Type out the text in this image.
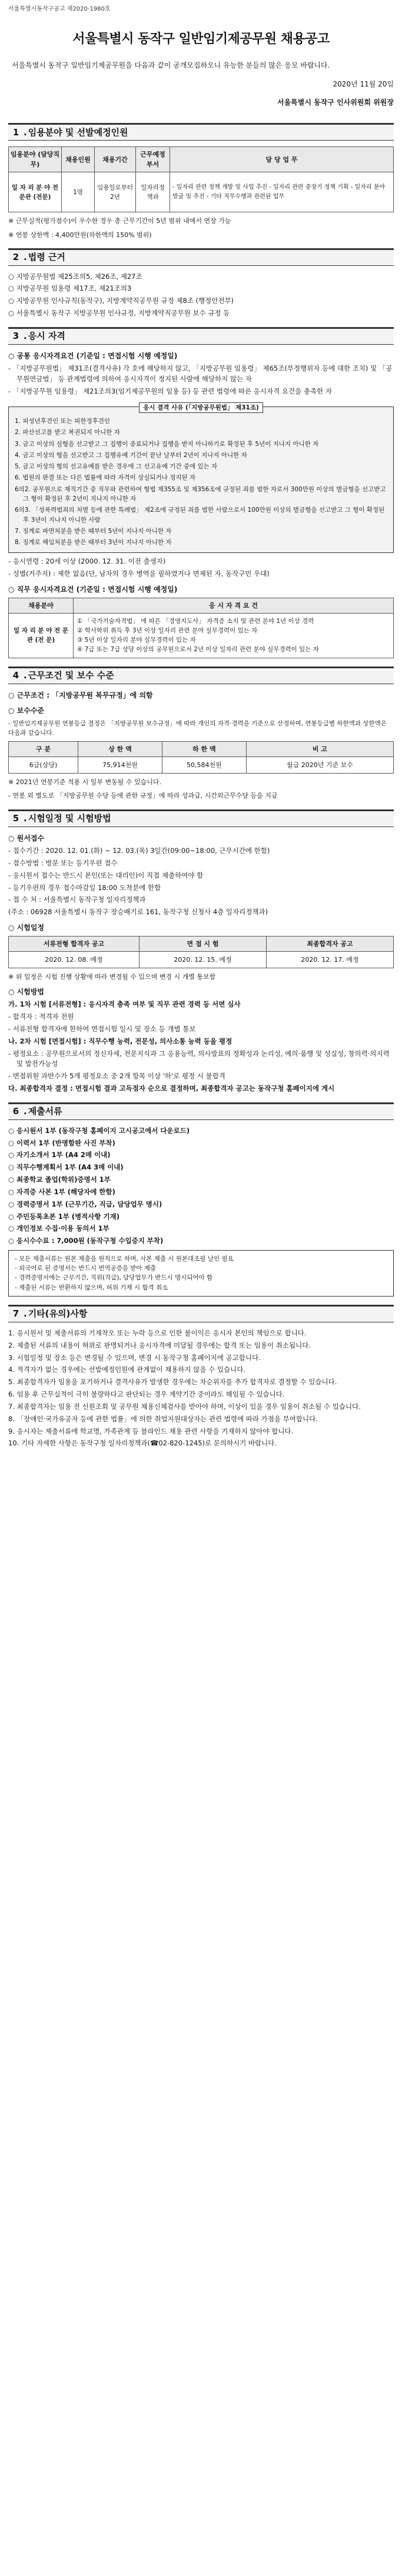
서울특별시동작구공고 제2020-1980호
서울특별시 동작구 일반임기제공무원 채용공고

서울특별시 동작구 일반임기제공무원을 다음과 같이 공개모집하오니 유능한 분들의 많은 응모 바랍니다.

2020년 11월 20일
서울특별시 동작구 인사위원회 위원장
1 . 임용분야 및 선발예정인원
임용분야 (담당직무)	채용인원	채용기간	근무예정 부서	담 당 업 무
일 자 리 분 야 전문관 (전문)	1명	임용일로부터 2년	일자리정책과	- 일자리 관련 정책 개발 및 사업 추진 - 일자리 관련 중장기 정책 기획 - 일자리 분야 발굴 및 추진 - 기타 직무수행과 관련된 업무
※ 근무실적(평가점수)이 우수한 경우 총 근무기간이 5년 범위 내에서 연장 가능
※ 연봉 상한액 : 4,400만원(하한액의 150% 범위)
2 . 법령 근거
○ 지방공무원법 제25조의5, 제26조, 제27조
○ 지방공무원 임용령 제17조, 제21조의3
○ 지방공무원 인사규칙(동작구), 지방계약직공무원 규정 제8조 (행정안전부)
○ 서울특별시 동작구 지방공무원 인사규정, 지방계약직공무원 보수 규정 등
3 . 응시 자격
○ 공통 응시자격요건 (기준일 : 면접시험 시행 예정일)
- 「지방공무원법」 제31조(결격사유) 각 호에 해당하지 않고, 「지방공무원 임용령」 제65조(부정행위자 등에 대한 조치) 및 「공무원연금법」 등 관계법령에 의하여 응시자격이 정지된 사람에 해당하지 않는 자
- 「지방공무원 임용령」 제21조의3(임기제공무원의 임용 등) 등 관련 법령에 따른 응시자격 요건을 충족한 자
응시 결격 사유 (「지방공무원법」 제31조)
1. 피성년후견인 또는 피한정후견인
2. 파산선고를 받고 복권되지 아니한 자
3. 금고 이상의 실형을 선고받고 그 집행이 종료되거나 집행을 받지 아니하기로 확정된 후 5년이 지나지 아니한 자
4. 금고 이상의 형을 선고받고 그 집행유예 기간이 끝난 날부터 2년이 지나지 아니한 자
5. 금고 이상의 형의 선고유예를 받은 경우에 그 선고유예 기간 중에 있는 자
6. 법원의 판결 또는 다른 법률에 따라 자격이 상실되거나 정지된 자
6의2. 공무원으로 재직기간 중 직무와 관련하여 형법 제355조 및 제356조에 규정된 죄를 범한 자로서 300만원 이상의 벌금형을 선고받고 그 형이 확정된 후 2년이 지나지 아니한 자
6의3. 「성폭력범죄의 처벌 등에 관한 특례법」 제2조에 규정된 죄를 범한 사람으로서 100만원 이상의 벌금형을 선고받고 그 형이 확정된 후 3년이 지나지 아니한 사람
7. 징계로 파면처분을 받은 때부터 5년이 지나지 아니한 자
8. 징계로 해임처분을 받은 때부터 3년이 지나지 아니한 자
- 응시연령 : 20세 이상 (2000. 12. 31. 이전 출생자)
- 성별(거주지) : 제한 없음(단, 남자의 경우 병역을 필하였거나 면제된 자, 동작구민 우대)
○ 직무 응시자격요건 (기준일 : 면접시험 시행 예정일)
채용분야	응 시 자 격 요 건
일 자 리 분 야 전 문 관 (전 문)	① 「국가기술자격법」 에 따른 「경영지도사」 자격증 소지 및 관련 분야 1년 이상 경력
② 학사학위 취득 후 3년 이상 일자리 관련 분야 실무경력이 있는 자
③ 5년 이상 일자리 분야 실무경력이 있는 자
④ 7급 또는 7급 상당 이상의 공무원으로서 2년 이상 일자리 관련 분야 실무경력이 있는 자
4 . 근무조건 및 보수 수준
○ 근무조건 : 「지방공무원 복무규정」에 의함
○ 보수수준

- 일반임기제공무원 연봉등급 결정은 「지방공무원 보수규정」에 따라 개인의 자격·경력을 기준으로 산정하며, 연봉등급별 하한액과 상한액은 다음과 같습니다.

구 분	상 한 액	하 한 액	비 고
6급(상당)	75,914천원	50,584천원	월급 2020년 기준 보수
※ 2021년 연봉기준 적용 시 일부 변동될 수 있습니다.
- 연봉 외 별도로 「지방공무원 수당 등에 관한 규정」에 따라 성과급, 시간외근무수당 등을 지급
5 . 시험일정 및 시험방법
○ 원서접수
- 접수기간 : 2020. 12. 01.(화) ~ 12. 03.(목) 3일간(09:00~18:00, 근무시간에 한함)
- 접수방법 : 방문 또는 등기우편 접수
- 응시원서 접수는 반드시 본인(또는 대리인)이 직접 제출하여야 함
- 등기우편의 경우 접수마감일 18:00 도착분에 한함
- 접 수 처 : 서울특별시 동작구청 일자리정책과
(주소 : 06928 서울특별시 동작구 장승배기로 161, 동작구청 신청사 4층 일자리정책과)
○ 시험일정
서류전형 합격자 공고	면 접 시 험	최종합격자 공고
2020. 12. 08. 예정	2020. 12. 15. 예정	2020. 12. 17. 예정
※ 위 일정은 시험 진행 상황에 따라 변경될 수 있으며 변경 시 개별 통보함
○ 시험방법
가. 1차 시험 [서류전형] : 응시자격 충족 여부 및 직무 관련 경력 등 서면 심사
- 합격자 : 적격자 전원
- 서류전형 합격자에 한하여 면접시험 일시 및 장소 등 개별 통보
나. 2차 시험 [면접시험] : 직무수행 능력, 전문성, 의사소통 능력 등을 평정
- 평정요소 : 공무원으로서의 정신자세, 전문지식과 그 응용능력, 의사발표의 정확성과 논리성, 예의·품행 및 성실성, 창의력·의지력 및 발전가능성
- 면접위원 과반수가 5개 평정요소 중 2개 항목 이상 '하'로 평정 시 불합격
다. 최종합격자 결정 : 면접시험 결과 고득점자 순으로 결정하며, 최종합격자 공고는 동작구청 홈페이지에 게시
6 . 제출서류
○ 응시원서 1부 (동작구청 홈페이지 고시공고에서 다운로드)
○ 이력서 1부 (반명함판 사진 부착)
○ 자기소개서 1부 (A4 2매 이내)
○ 직무수행계획서 1부 (A4 3매 이내)
○ 최종학교 졸업(학위)증명서 1부
○ 자격증 사본 1부 (해당자에 한함)
○ 경력증명서 1부 (근무기간, 직급, 담당업무 명시)
○ 주민등록초본 1부 (병적사항 기재)
○ 개인정보 수집·이용 동의서 1부
○ 응시수수료 : 7,000원 (동작구청 수입증지 부착)
- 모든 제출서류는 원본 제출을 원칙으로 하며, 사본 제출 시 원본대조필 날인 필요
- 외국어로 된 증명서는 반드시 번역공증을 받아 제출
- 경력증명서에는 근무기간, 직위(직급), 담당업무가 반드시 명시되어야 함
- 제출된 서류는 반환하지 않으며, 허위 기재 시 합격 취소
7 . 기타(유의)사항
1. 응시원서 및 제출서류의 기재착오 또는 누락 등으로 인한 불이익은 응시자 본인의 책임으로 합니다.
2. 제출된 서류의 내용이 허위로 판명되거나 응시자격에 미달될 경우에는 합격 또는 임용이 취소됩니다.
3. 시험일정 및 장소 등은 변경될 수 있으며, 변경 시 동작구청 홈페이지에 공고합니다.
4. 적격자가 없는 경우에는 선발예정인원에 관계없이 채용하지 않을 수 있습니다.
5. 최종합격자가 임용을 포기하거나 결격사유가 발생한 경우에는 차순위자를 추가 합격자로 결정할 수 있습니다.
6. 임용 후 근무실적이 극히 불량하다고 판단되는 경우 계약기간 중이라도 해임될 수 있습니다.
7. 최종합격자는 임용 전 신원조회 및 공무원 채용신체검사를 받아야 하며, 이상이 있을 경우 임용이 취소될 수 있습니다.
8. 「장애인·국가유공자 등에 관한 법률」에 의한 취업지원대상자는 관련 법령에 따라 가점을 부여합니다.
9. 응시자는 제출서류에 학교명, 가족관계 등 블라인드 채용 관련 사항을 기재하지 않아야 합니다.
10. 기타 자세한 사항은 동작구청 일자리정책과(☎02-820-1245)로 문의하시기 바랍니다.
